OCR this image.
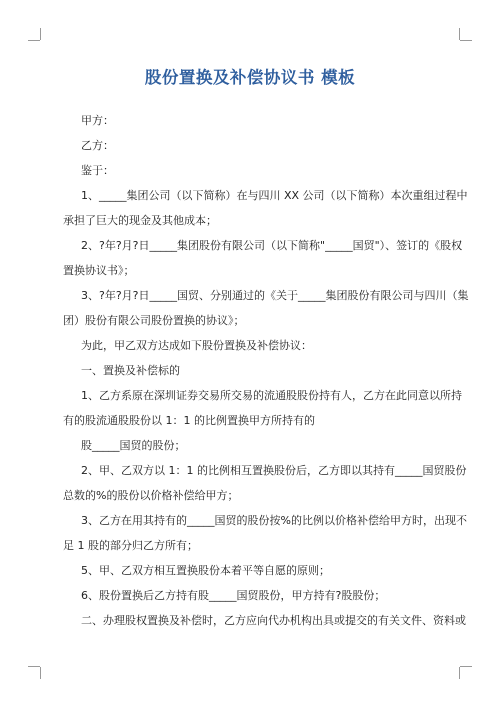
股份置换及补偿协议书 模板
甲方：
乙方：
鉴于：
1、_____集团公司（以下简称）在与四川 XX 公司（以下简称）本次重组过程中
承担了巨大的现金及其他成本；
2、?年?月?日_____集团股份有限公司（以下简称"_____国贸"）、签订的《股权
置换协议书》；
3、?年?月?日_____国贸、分别通过的《关于_____集团股份有限公司与四川（集
团）股份有限公司股份置换的协议》；
为此，甲乙双方达成如下股份置换及补偿协议：
一、置换及补偿标的
1、乙方系原在深圳证券交易所交易的流通股股份持有人，乙方在此同意以所持
有的股流通股股份以 1：1 的比例置换甲方所持有的
股_____国贸的股份；
2、甲、乙双方以 1：1 的比例相互置换股份后，乙方即以其持有_____国贸股份
总数的%的股份以价格补偿给甲方；
3、乙方在用其持有的_____国贸的股份按%的比例以价格补偿给甲方时，出现不
足 1 股的部分归乙方所有；
5、甲、乙双方相互置换股份本着平等自愿的原则；
6、股份置换后乙方持有股_____国贸股份，甲方持有?股股份；
二、办理股权置换及补偿时，乙方应向代办机构出具或提交的有关文件、资料或
